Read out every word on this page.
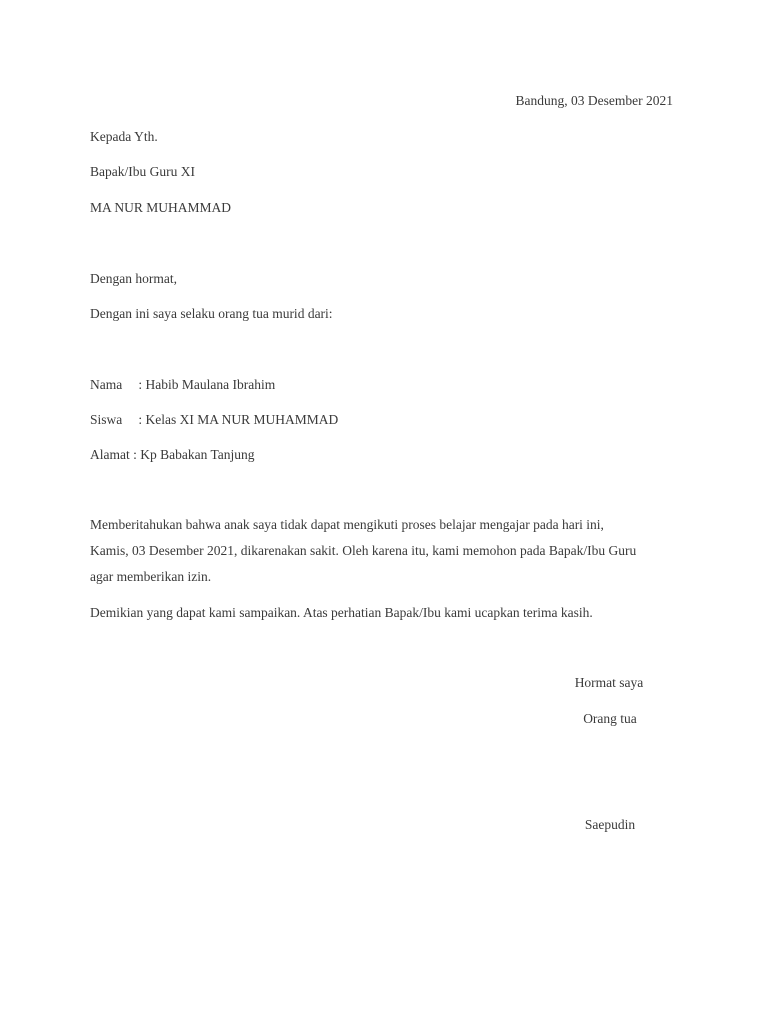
Bandung, 03 Desember 2021
Kepada Yth.
Bapak/Ibu Guru XI
MA NUR MUHAMMAD
Dengan hormat,
Dengan ini saya selaku orang tua murid dari:
Nama : Habib Maulana Ibrahim
Siswa : Kelas XI MA NUR MUHAMMAD
Alamat : Kp Babakan Tanjung
Memberitahukan bahwa anak saya tidak dapat mengikuti proses belajar mengajar pada hari ini,
Kamis, 03 Desember 2021, dikarenakan sakit. Oleh karena itu, kami memohon pada Bapak/Ibu Guru
agar memberikan izin.
Demikian yang dapat kami sampaikan. Atas perhatian Bapak/Ibu kami ucapkan terima kasih.
Hormat saya
Orang tua
Saepudin
